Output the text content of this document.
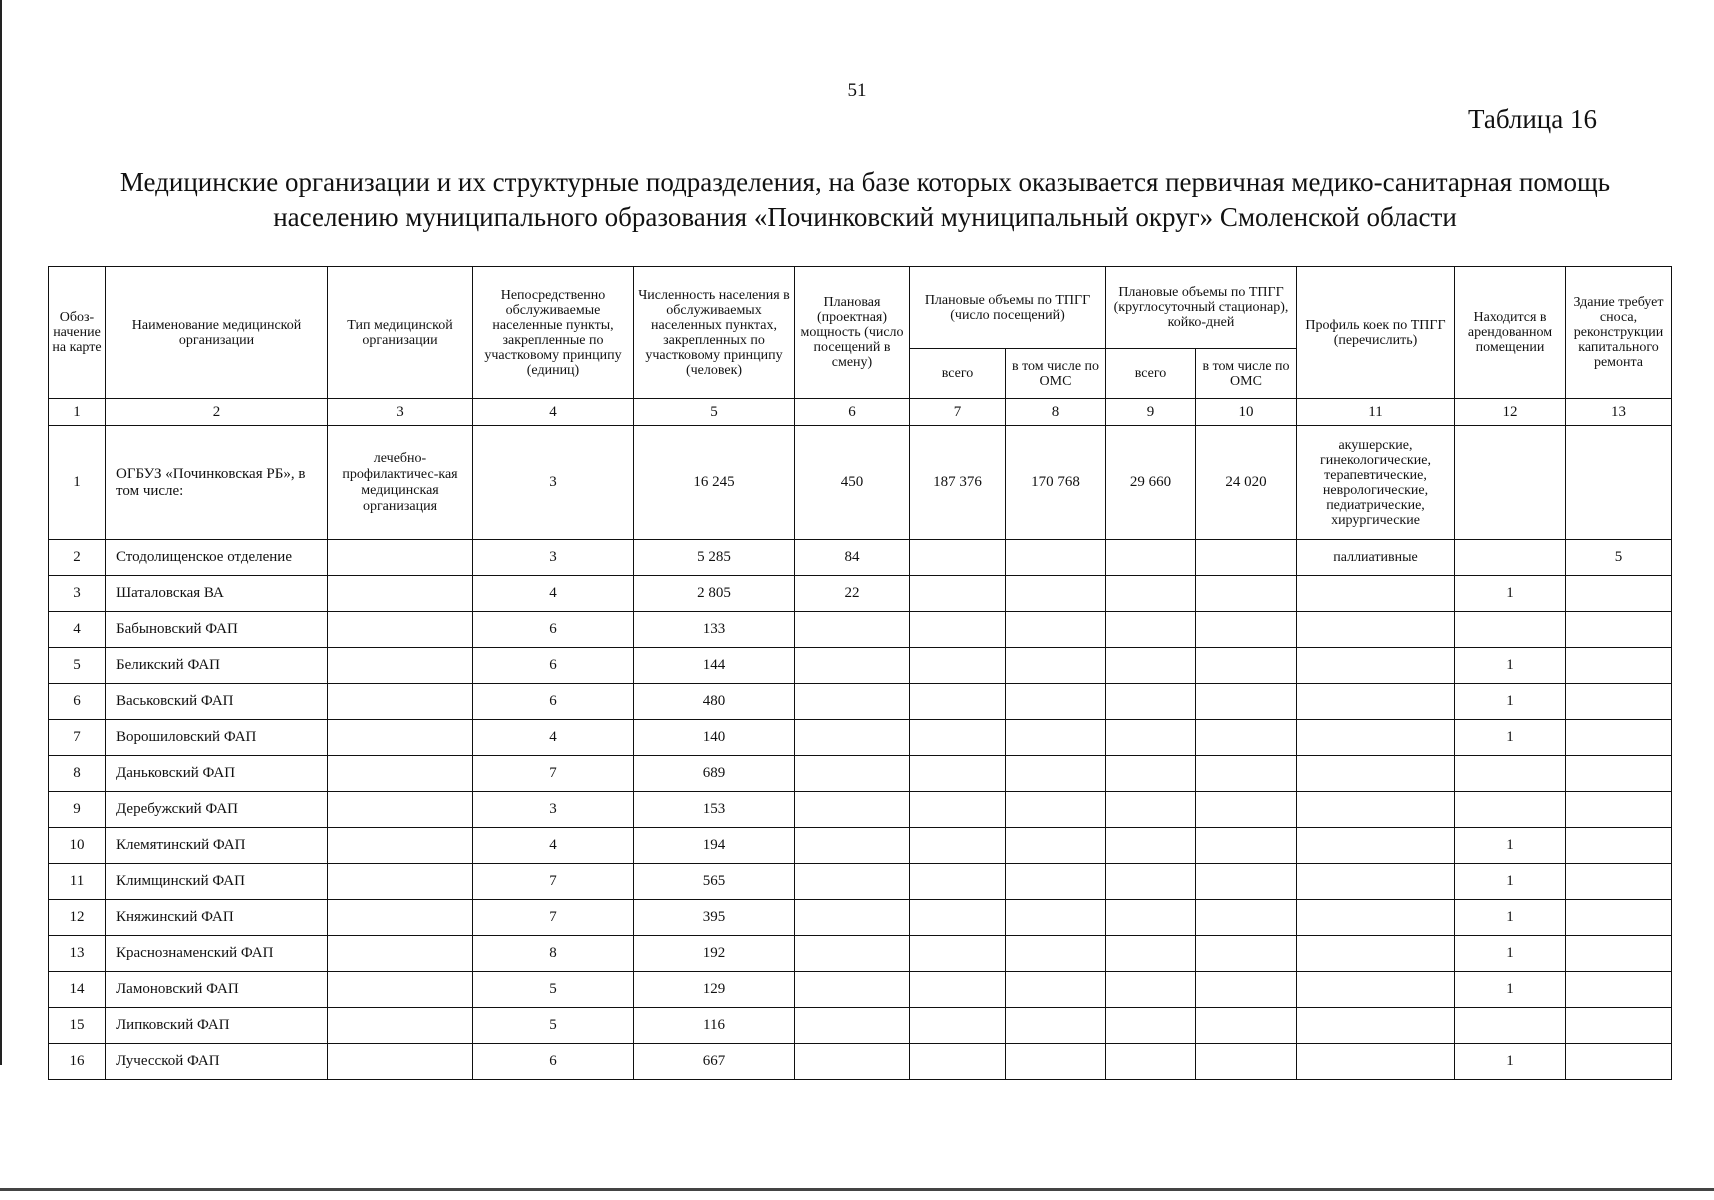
51
Таблица 16
Медицинские организации и их структурные подразделения, на базе которых оказывается первичная медико-санитарная помощь
населению муниципального образования «Починковский муниципальный округ» Смоленской области
Обоз-начение на карте	Наименование медицинской организации	Тип медицинской организации	Непосредственно обслуживаемые населенные пункты, закрепленные по участковому принципу (единиц)	Численность населения в обслуживаемых населенных пунктах, закрепленных по участковому принципу (человек)	Плановая (проектная) мощность (число посещений в смену)	Плановые объемы по ТПГГ (число посещений)		Плановые объемы по ТПГГ (круглосуточный стационар), койко-дней		Профиль коек по ТПГГ (перечислить)	Находится в арендованном помещении	Здание требует сноса, реконструкции капитального ремонта
						всего	в том числе по ОМС	всего	в том числе по ОМС			
1	2	3	4	5	6	7	8	9	10	11	12	13
1	ОГБУЗ «Починковская РБ», в том числе:	лечебно-профилактичес-кая медицинская организация	3	16 245	450	187 376	170 768	29 660	24 020	акушерские, гинекологические, терапевтические, неврологические, педиатрические, хирургические		
2	Стодолищенское отделение		3	5 285	84					паллиативные		5
3	Шаталовская ВА		4	2 805	22						1	
4	Бабыновский ФАП		6	133								
5	Беликский ФАП		6	144							1	
6	Васьковский ФАП		6	480							1	
7	Ворошиловский ФАП		4	140							1	
8	Даньковский ФАП		7	689								
9	Деребужский ФАП		3	153								
10	Клемятинский ФАП		4	194							1	
11	Климщинский ФАП		7	565							1	
12	Княжинский ФАП		7	395							1	
13	Краснознаменский ФАП		8	192							1	
14	Ламоновский ФАП		5	129							1	
15	Липковский ФАП		5	116								
16	Лучесской ФАП		6	667							1	
